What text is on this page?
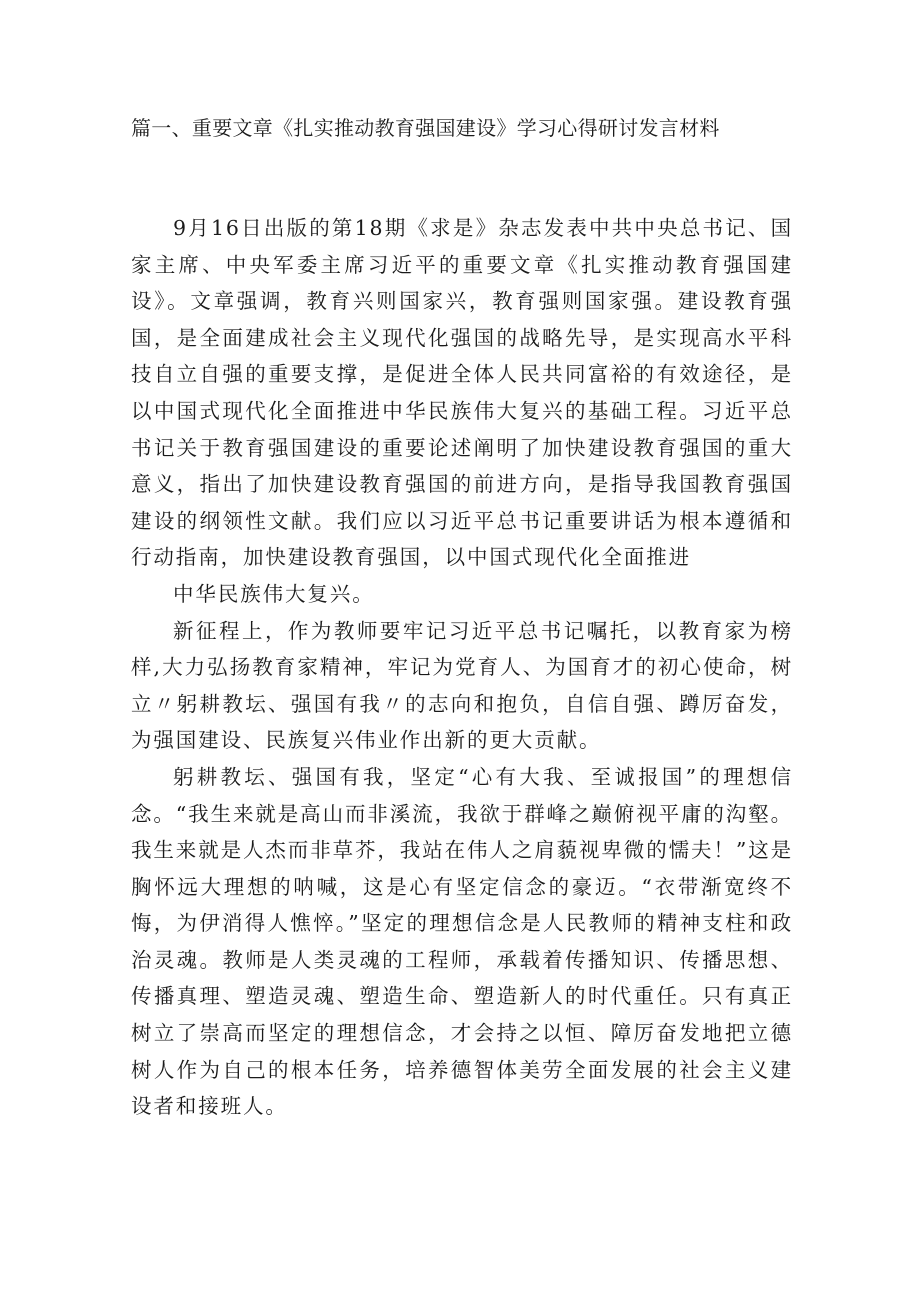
篇一、重要文章《扎实推动教育强国建设》学习心得研讨发言材料

9月16日出版的第18期《求是》杂志发表中共中央总书记、国家主席、中央军委主席习近平的重要文章《扎实推动教育强国建设》。文章强调，教育兴则国家兴，教育强则国家强。建设教育强国，是全面建成社会主义现代化强国的战略先导，是实现高水平科技自立自强的重要支撑，是促进全体人民共同富裕的有效途径，是以中国式现代化全面推进中华民族伟大复兴的基础工程。习近平总书记关于教育强国建设的重要论述阐明了加快建设教育强国的重大意义，指出了加快建设教育强国的前进方向，是指导我国教育强国建设的纲领性文献。我们应以习近平总书记重要讲话为根本遵循和行动指南，加快建设教育强国，以中国式现代化全面推进

中华民族伟大复兴。

新征程上，作为教师要牢记习近平总书记嘱托，以教育家为榜样,大力弘扬教育家精神，牢记为党育人、为国育才的初心使命，树立〃躬耕教坛、强国有我〃的志向和抱负，自信自强、蹲厉奋发，为强国建设、民族复兴伟业作出新的更大贡献。

躬耕教坛、强国有我，坚定“心有大我、至诚报国”的理想信念。“我生来就是高山而非溪流，我欲于群峰之巅俯视平庸的沟壑。我生来就是人杰而非草芥，我站在伟人之肩藐视卑微的懦夫！”这是胸怀远大理想的呐喊，这是心有坚定信念的豪迈。“衣带渐宽终不悔，为伊消得人憔悴。”坚定的理想信念是人民教师的精神支柱和政治灵魂。教师是人类灵魂的工程师，承载着传播知识、传播思想、传播真理、塑造灵魂、塑造生命、塑造新人的时代重任。只有真正树立了崇高而坚定的理想信念，才会持之以恒、障厉奋发地把立德树人作为自己的根本任务，培养德智体美劳全面发展的社会主义建设者和接班人。
